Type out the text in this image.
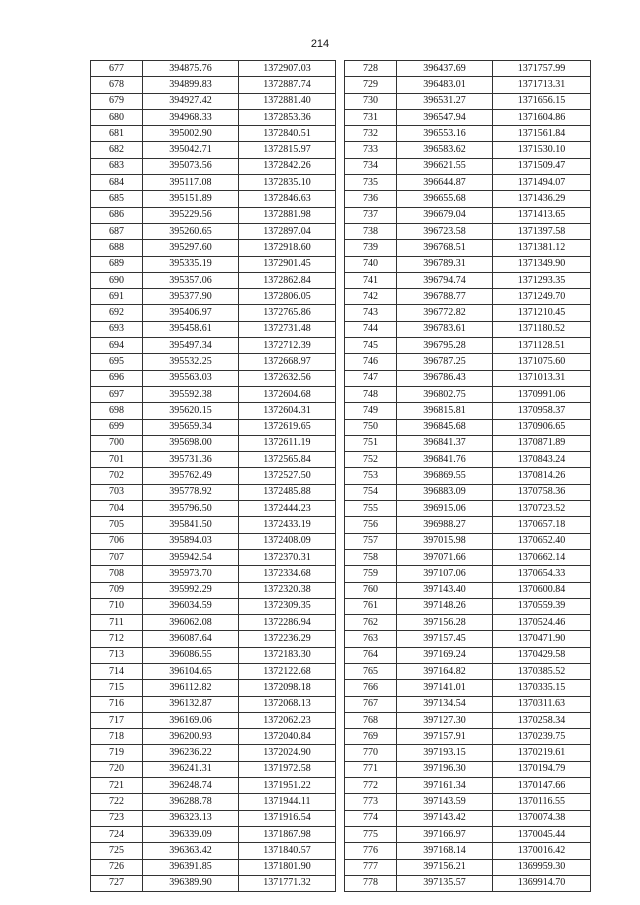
214
677	394875.76	1372907.03
678	394899.83	1372887.74
679	394927.42	1372881.40
680	394968.33	1372853.36
681	395002.90	1372840.51
682	395042.71	1372815.97
683	395073.56	1372842.26
684	395117.08	1372835.10
685	395151.89	1372846.63
686	395229.56	1372881.98
687	395260.65	1372897.04
688	395297.60	1372918.60
689	395335.19	1372901.45
690	395357.06	1372862.84
691	395377.90	1372806.05
692	395406.97	1372765.86
693	395458.61	1372731.48
694	395497.34	1372712.39
695	395532.25	1372668.97
696	395563.03	1372632.56
697	395592.38	1372604.68
698	395620.15	1372604.31
699	395659.34	1372619.65
700	395698.00	1372611.19
701	395731.36	1372565.84
702	395762.49	1372527.50
703	395778.92	1372485.88
704	395796.50	1372444.23
705	395841.50	1372433.19
706	395894.03	1372408.09
707	395942.54	1372370.31
708	395973.70	1372334.68
709	395992.29	1372320.38
710	396034.59	1372309.35
711	396062.08	1372286.94
712	396087.64	1372236.29
713	396086.55	1372183.30
714	396104.65	1372122.68
715	396112.82	1372098.18
716	396132.87	1372068.13
717	396169.06	1372062.23
718	396200.93	1372040.84
719	396236.22	1372024.90
720	396241.31	1371972.58
721	396248.74	1371951.22
722	396288.78	1371944.11
723	396323.13	1371916.54
724	396339.09	1371867.98
725	396363.42	1371840.57
726	396391.85	1371801.90
727	396389.90	1371771.32
728	396437.69	1371757.99
729	396483.01	1371713.31
730	396531.27	1371656.15
731	396547.94	1371604.86
732	396553.16	1371561.84
733	396583.62	1371530.10
734	396621.55	1371509.47
735	396644.87	1371494.07
736	396655.68	1371436.29
737	396679.04	1371413.65
738	396723.58	1371397.58
739	396768.51	1371381.12
740	396789.31	1371349.90
741	396794.74	1371293.35
742	396788.77	1371249.70
743	396772.82	1371210.45
744	396783.61	1371180.52
745	396795.28	1371128.51
746	396787.25	1371075.60
747	396786.43	1371013.31
748	396802.75	1370991.06
749	396815.81	1370958.37
750	396845.68	1370906.65
751	396841.37	1370871.89
752	396841.76	1370843.24
753	396869.55	1370814.26
754	396883.09	1370758.36
755	396915.06	1370723.52
756	396988.27	1370657.18
757	397015.98	1370652.40
758	397071.66	1370662.14
759	397107.06	1370654.33
760	397143.40	1370600.84
761	397148.26	1370559.39
762	397156.28	1370524.46
763	397157.45	1370471.90
764	397169.24	1370429.58
765	397164.82	1370385.52
766	397141.01	1370335.15
767	397134.54	1370311.63
768	397127.30	1370258.34
769	397157.91	1370239.75
770	397193.15	1370219.61
771	397196.30	1370194.79
772	397161.34	1370147.66
773	397143.59	1370116.55
774	397143.42	1370074.38
775	397166.97	1370045.44
776	397168.14	1370016.42
777	397156.21	1369959.30
778	397135.57	1369914.70
